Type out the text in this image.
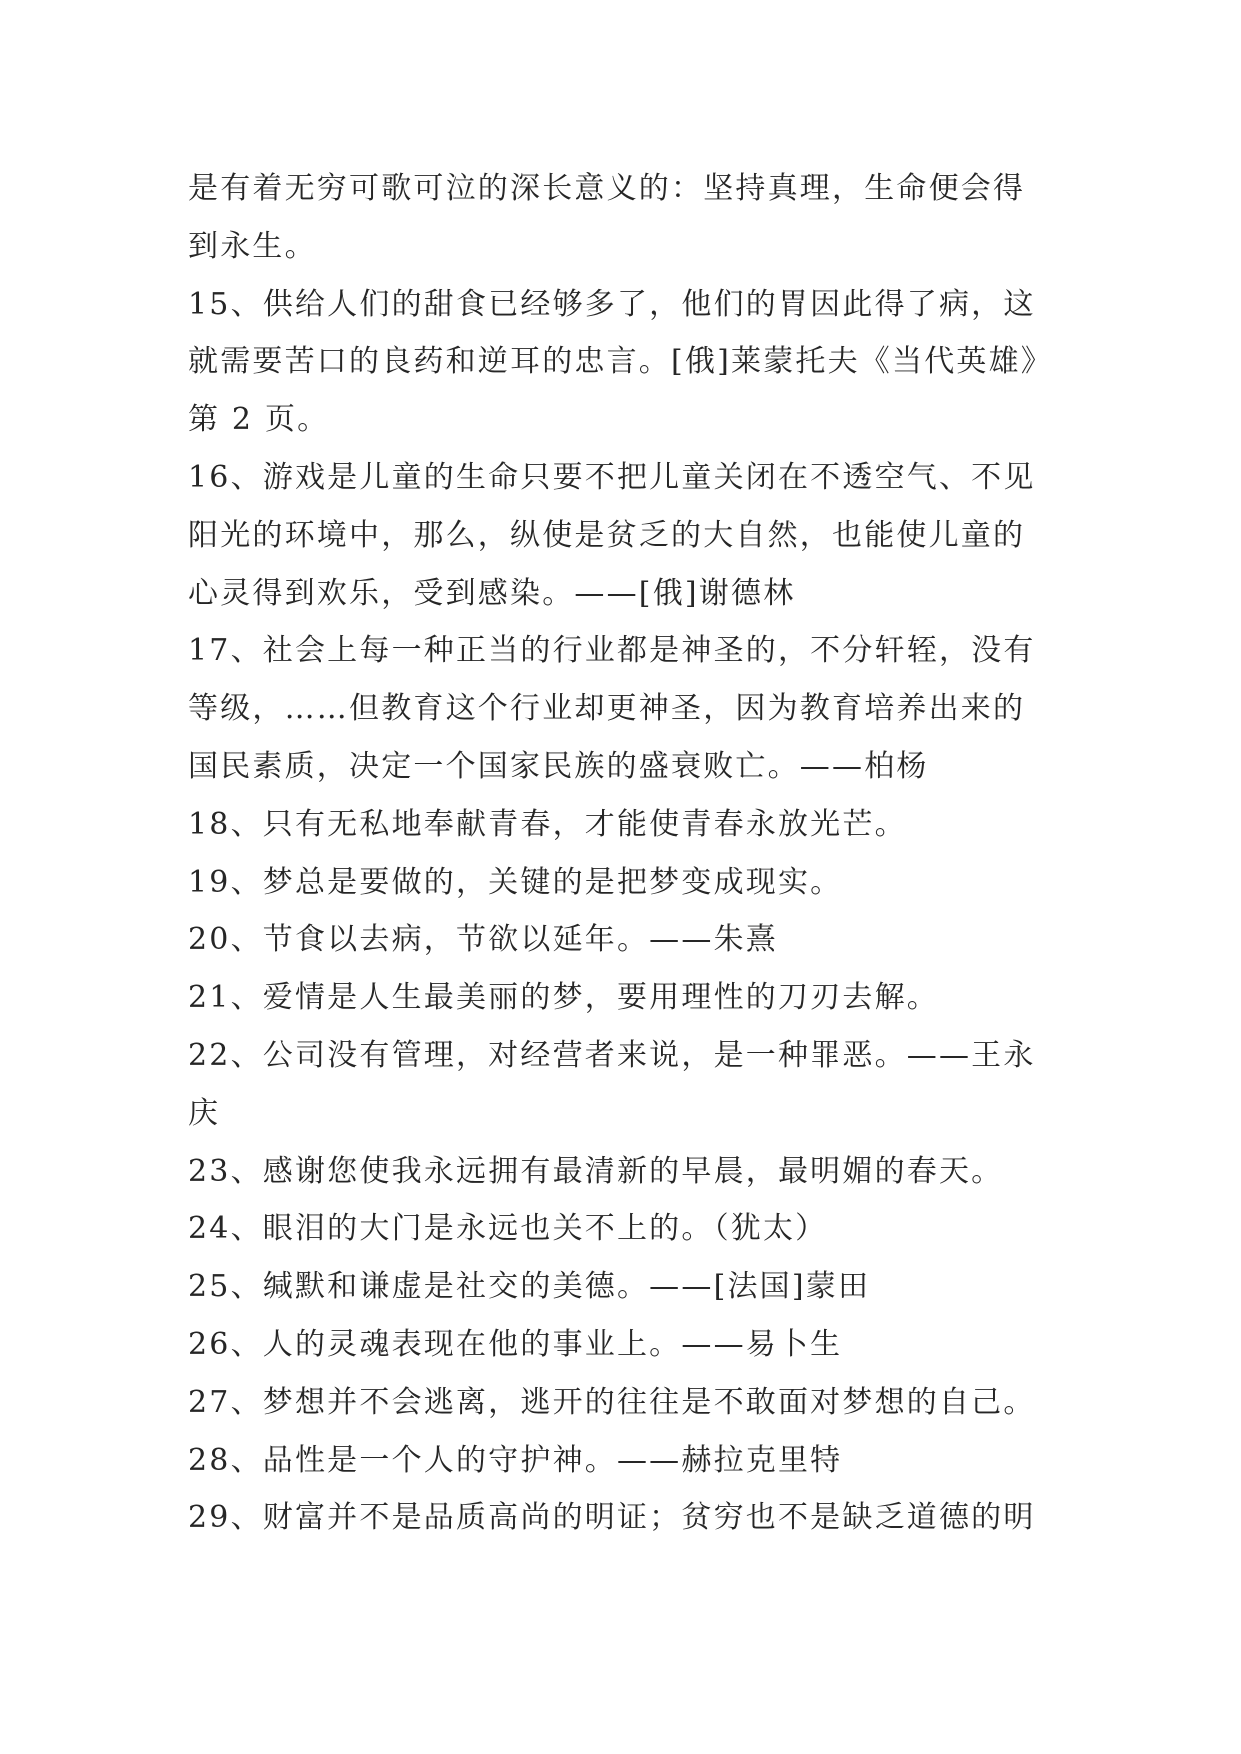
是有着无穷可歌可泣的深长意义的：坚持真理，生命便会得
到永生。
15、供给人们的甜食已经够多了，他们的胃因此得了病，这
就需要苦口的良药和逆耳的忠言。[俄]莱蒙托夫《当代英雄》
第 2 页。
16、游戏是儿童的生命只要不把儿童关闭在不透空气、不见
阳光的环境中，那么，纵使是贫乏的大自然，也能使儿童的
心灵得到欢乐，受到感染。——[俄]谢德林
17、社会上每一种正当的行业都是神圣的，不分轩轾，没有
等级，……但教育这个行业却更神圣，因为教育培养出来的
国民素质，决定一个国家民族的盛衰败亡。——柏杨
18、只有无私地奉献青春，才能使青春永放光芒。
19、梦总是要做的，关键的是把梦变成现实。
20、节食以去病，节欲以延年。——朱熹
21、爱情是人生最美丽的梦，要用理性的刀刃去解。
22、公司没有管理，对经营者来说，是一种罪恶。——王永
庆
23、感谢您使我永远拥有最清新的早晨，最明媚的春天。
24、眼泪的大门是永远也关不上的。（犹太）
25、缄默和谦虚是社交的美德。——[法国]蒙田
26、人的灵魂表现在他的事业上。——易卜生
27、梦想并不会逃离，逃开的往往是不敢面对梦想的自己。
28、品性是一个人的守护神。——赫拉克里特
29、财富并不是品质高尚的明证；贫穷也不是缺乏道德的明
